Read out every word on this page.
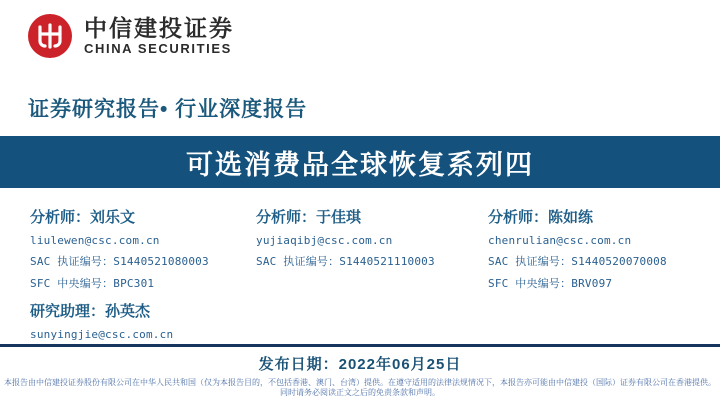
中信建投证券
CHINA SECURITIES
证券研究报告• 行业深度报告
可选消费品全球恢复系列四
分析师：刘乐文
liulewen@csc.com.cn
SAC 执证编号：S1440521080003
SFC 中央编号：BPC301
分析师：于佳琪
yujiaqibj@csc.com.cn
SAC 执证编号：S1440521110003
分析师：陈如练
chenrulian@csc.com.cn
SAC 执证编号：S1440520070008
SFC 中央编号：BRV097
研究助理：孙英杰
sunyingjie@csc.com.cn
发布日期：2022年06月25日
本报告由中信建投证券股份有限公司在中华人民共和国（仅为本报告目的，不包括香港、澳门、台湾）提供。在遵守适用的法律法规情况下，本报告亦可能由中信建投（国际）证券有限公司在香港提供。
同时请务必阅读正文之后的免责条款和声明。
